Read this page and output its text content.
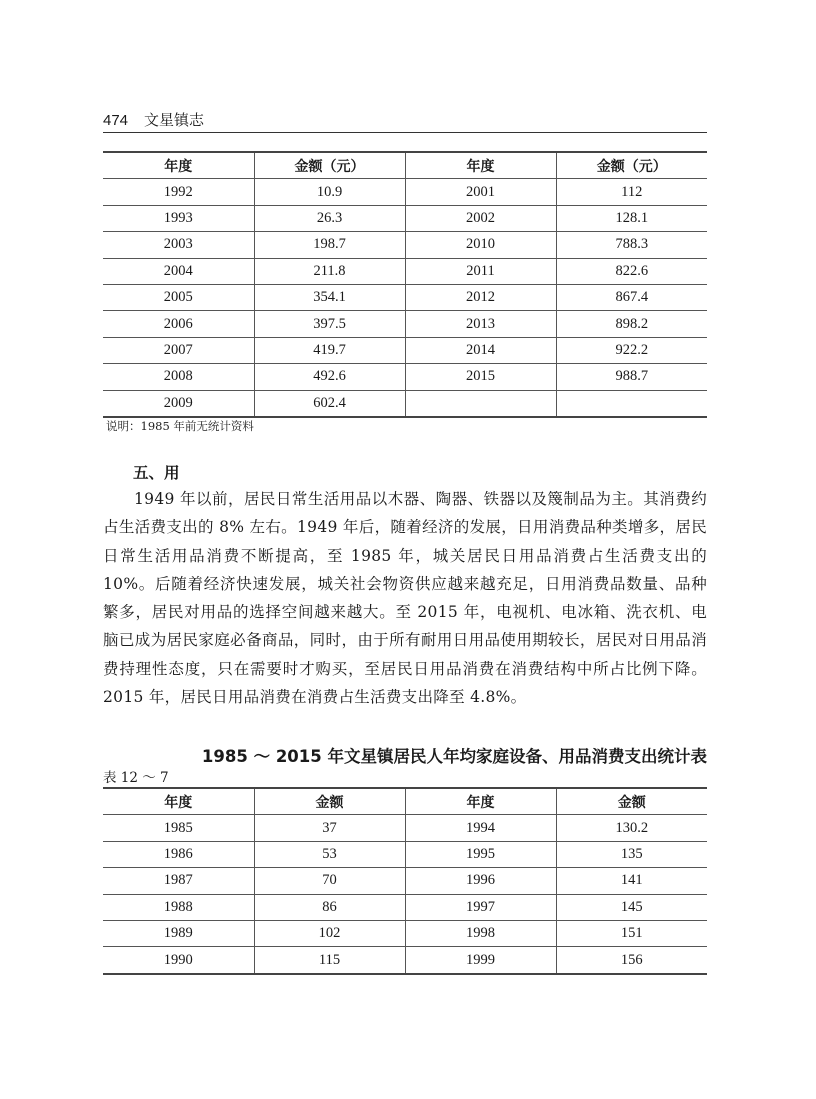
474 文星镇志
年度	金额（元）	年度	金额（元）
1992	10.9	2001	112
1993	26.3	2002	128.1
2003	198.7	2010	788.3
2004	211.8	2011	822.6
2005	354.1	2012	867.4
2006	397.5	2013	898.2
2007	419.7	2014	922.2
2008	492.6	2015	988.7
2009	602.4		
说明：1985 年前无统计资料
五、用
1949 年以前，居民日常生活用品以木器、陶器、铁器以及篾制品为主。其消费约占生活费支出的 8% 左右。1949 年后，随着经济的发展，日用消费品种类增多，居民日常生活用品消费不断提高，至 1985 年，城关居民日用品消费占生活费支出的 10%。后随着经济快速发展，城关社会物资供应越来越充足，日用消费品数量、品种繁多，居民对用品的选择空间越来越大。至 2015 年，电视机、电冰箱、洗衣机、电脑已成为居民家庭必备商品，同时，由于所有耐用日用品使用期较长，居民对日用品消费持理性态度，只在需要时才购买，至居民日用品消费在消费结构中所占比例下降。2015 年，居民日用品消费在消费占生活费支出降至 4.8%。
1985 ～ 2015 年文星镇居民人年均家庭设备、用品消费支出统计表
表 12 ～ 7
年度	金额	年度	金额
1985	37	1994	130.2
1986	53	1995	135
1987	70	1996	141
1988	86	1997	145
1989	102	1998	151
1990	115	1999	156
